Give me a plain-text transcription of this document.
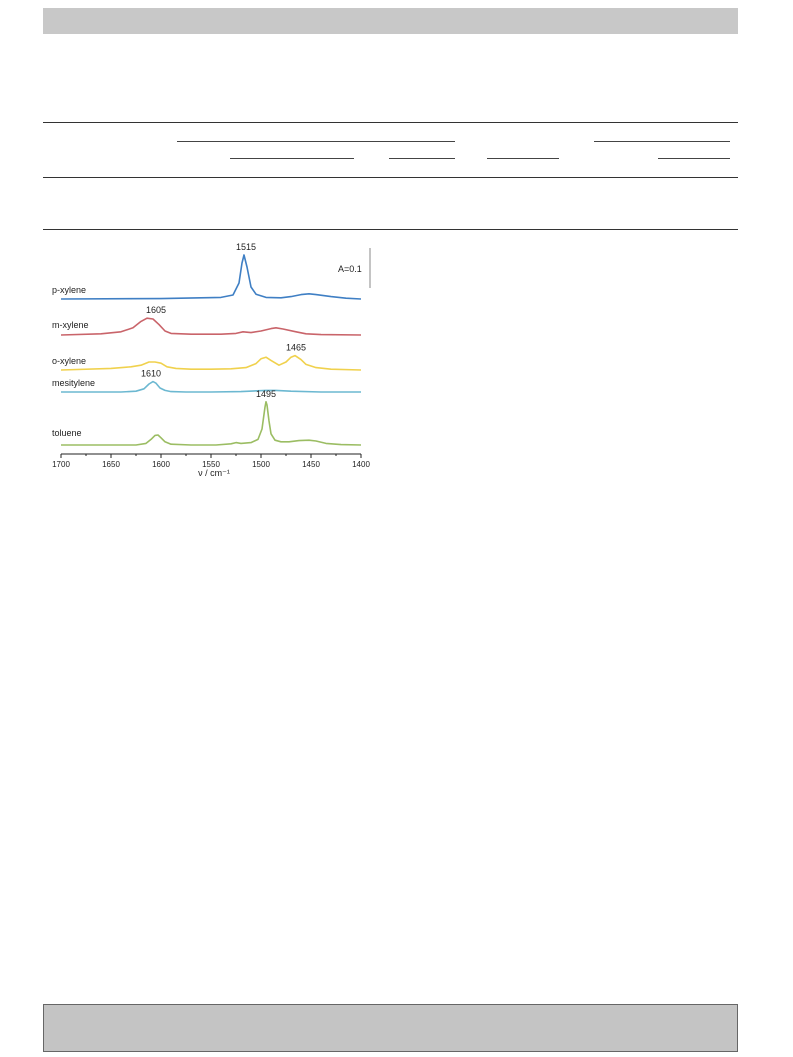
p-xylene
m-xylene
o-xylene
mesitylene
toluene
1515
1605
1465
1610
1495
1700	1650	1600	1550	1500	1450	1400
A=0.1
ν / cm⁻¹
